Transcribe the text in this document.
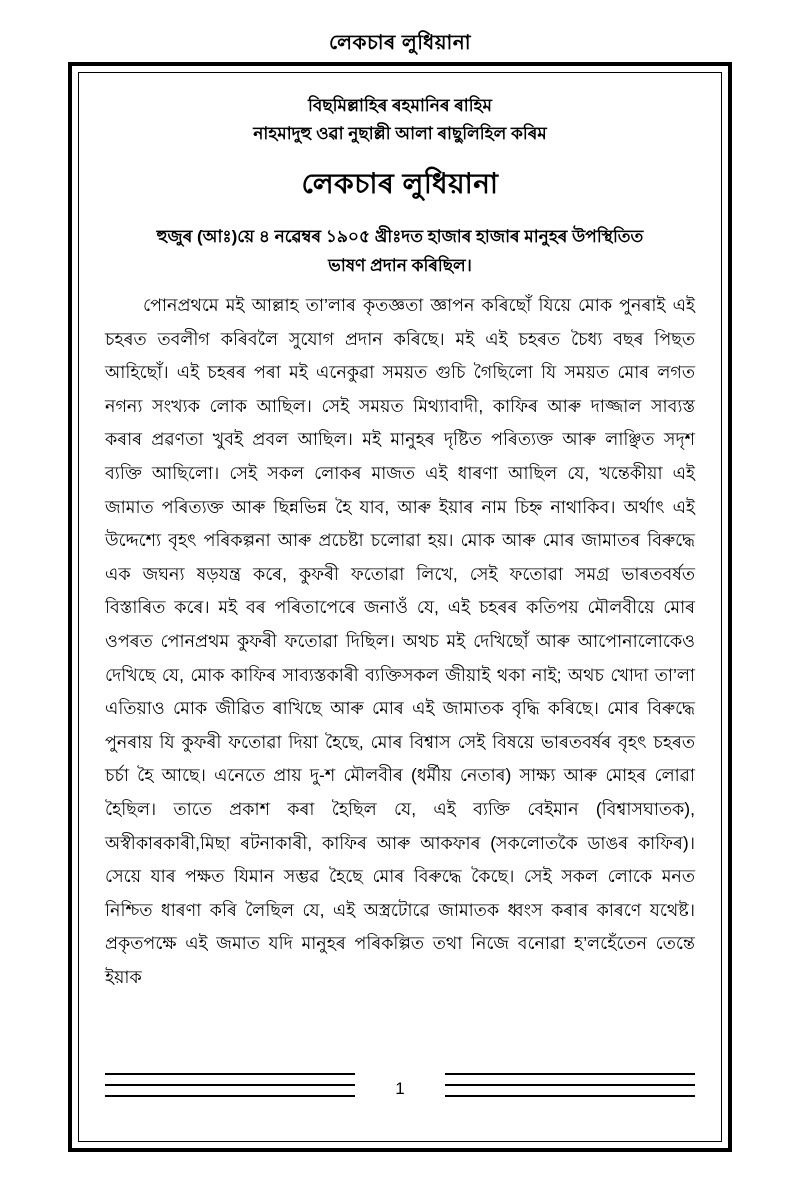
লেকচাৰ লুধিয়ানা
বিছমিল্লাহিৰ ৰহমানিৰ ৰাহিম
নাহমাদুহু ওৱা নুছাল্লী আলা ৰাছুলিহিল কৰিম
লেকচাৰ লুধিয়ানা
হুজুৰ (আঃ)য়ে ৪ নৱেম্বৰ ১৯০৫ খ্ৰীঃদত হাজাৰ হাজাৰ মানুহৰ উপস্থিতিত
ভাষণ প্ৰদান কৰিছিল।
পোনপ্ৰথমে মই আল্লাহ তা’লাৰ কৃতজ্ঞতা জ্ঞাপন কৰিছোঁ যিয়ে মোক পুনৰাই এই চহৰত তবলীগ কৰিবলৈ সুযোগ প্ৰদান কৰিছে। মই এই চহৰত চৈধ্য বছৰ পিছত আহিছোঁ। এই চহৰৰ পৰা মই এনেকুৱা সময়ত গুচি গৈছিলো যি সময়ত মোৰ লগত নগন্য সংখ্যক লোক আছিল। সেই সময়ত মিথ্যাবাদী, কাফিৰ আৰু দাজ্জাল সাব্যস্ত কৰাৰ প্ৰৱণতা খুবই প্ৰবল আছিল। মই মানুহৰ দৃষ্টিত পৰিত্যক্ত আৰু লাঞ্ছিত সদৃশ ব্যক্তি আছিলো। সেই সকল লোকৰ মাজত এই ধাৰণা আছিল যে, খন্তেকীয়া এই জামাত পৰিত্যক্ত আৰু ছিন্নভিন্ন হৈ যাব, আৰু ইয়াৰ নাম চিহ্ন নাথাকিব। অৰ্থাৎ এই উদ্দেশ্যে বৃহৎ পৰিকল্পনা আৰু প্ৰচেষ্টা চলোৱা হয়। মোক আৰু মোৰ জামাতৰ বিৰুদ্ধে এক জঘন্য ষড়যন্ত্ৰ কৰে, কুফৰী ফতোৱা লিখে, সেই ফতোৱা সমগ্ৰ ভাৰতবৰ্ষত বিস্তাৰিত কৰে। মই বৰ পৰিতাপেৰে জনাওঁ যে, এই চহৰৰ কতিপয় মৌলবীয়ে মোৰ ওপৰত পোনপ্ৰথম কুফৰী ফতোৱা দিছিল। অথচ মই দেখিছোঁ আৰু আপোনালোকেও দেখিছে যে, মোক কাফিৰ সাব্যস্তকাৰী ব্যক্তিসকল জীয়াই থকা নাই; অথচ খোদা তা’লা এতিয়াও মোক জীৱিত ৰাখিছে আৰু মোৰ এই জামাতক বৃদ্ধি কৰিছে। মোৰ বিৰুদ্ধে পুনৰায় যি কুফৰী ফতোৱা দিয়া হৈছে, মোৰ বিশ্বাস সেই বিষয়ে ভাৰতবৰ্ষৰ বৃহৎ চহৰত চৰ্চা হৈ আছে। এনেতে প্ৰায় দু-শ মৌলবীৰ (ধৰ্মীয় নেতাৰ) সাক্ষ্য আৰু মোহৰ লোৱা হৈছিল। তাতে প্ৰকাশ কৰা হৈছিল যে, এই ব্যক্তি বেইমান (বিশ্বাসঘাতক), অস্বীকাৰকাৰী,মিছা ৰটনাকাৰী, কাফিৰ আৰু আকফাৰ (সকলোতকৈ ডাঙৰ কাফিৰ)। সেয়ে যাৰ পক্ষত যিমান সম্ভৱ হৈছে মোৰ বিৰুদ্ধে কৈছে। সেই সকল লোকে মনত নিশ্চিত ধাৰণা কৰি লৈছিল যে, এই অস্ত্ৰটোৱে জামাতক ধ্বংস কৰাৰ কাৰণে যথেষ্ট। প্ৰকৃতপক্ষে এই জমাত যদি মানুহৰ পৰিকল্পিত তথা নিজে বনোৱা হ’লহেঁতেন তেন্তে ইয়াক
1
